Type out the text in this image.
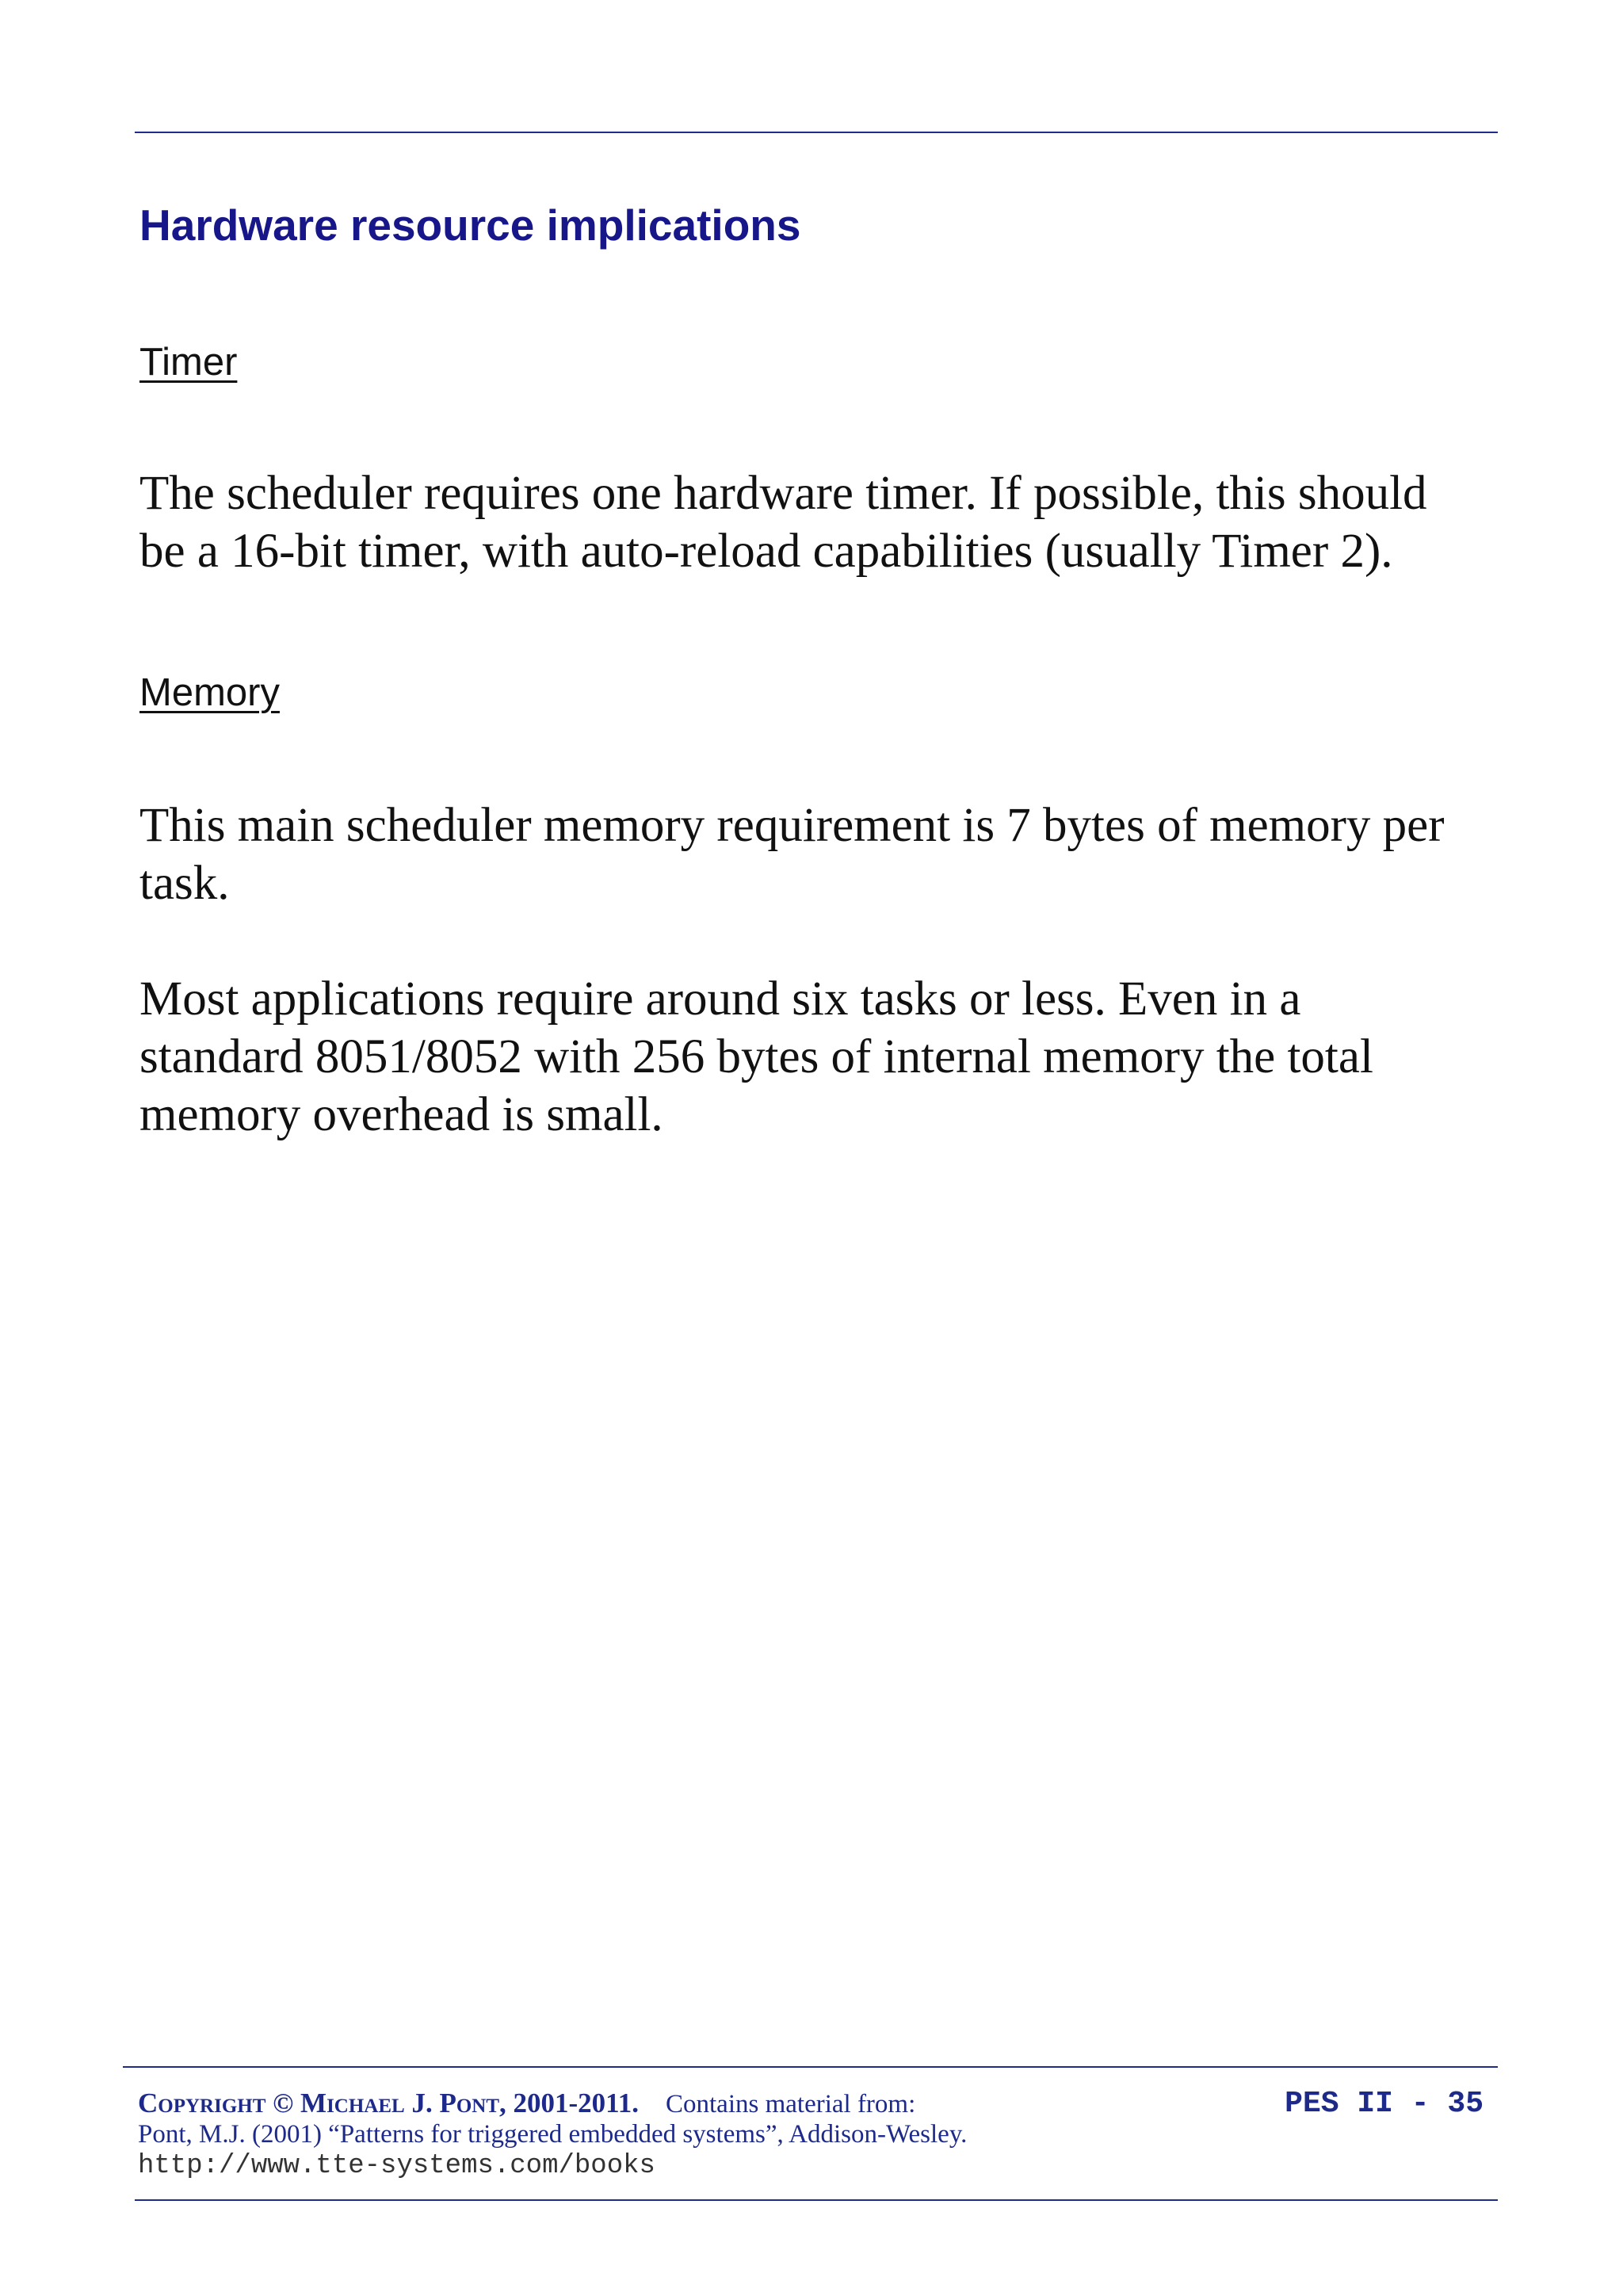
Hardware resource implications
Timer
The scheduler requires one hardware timer. If possible, this should
be a 16-bit timer, with auto-reload capabilities (usually Timer 2).
Memory
This main scheduler memory requirement is 7 bytes of memory per
task.
Most applications require around six tasks or less. Even in a
standard 8051/8052 with 256 bytes of internal memory the total
memory overhead is small.
Copyright © Michael J. Pont, 2001-2011. Contains material from:
Pont, M.J. (2001) “Patterns for triggered embedded systems”, Addison-Wesley.
http://www.tte-systems.com/books
PES II - 35
